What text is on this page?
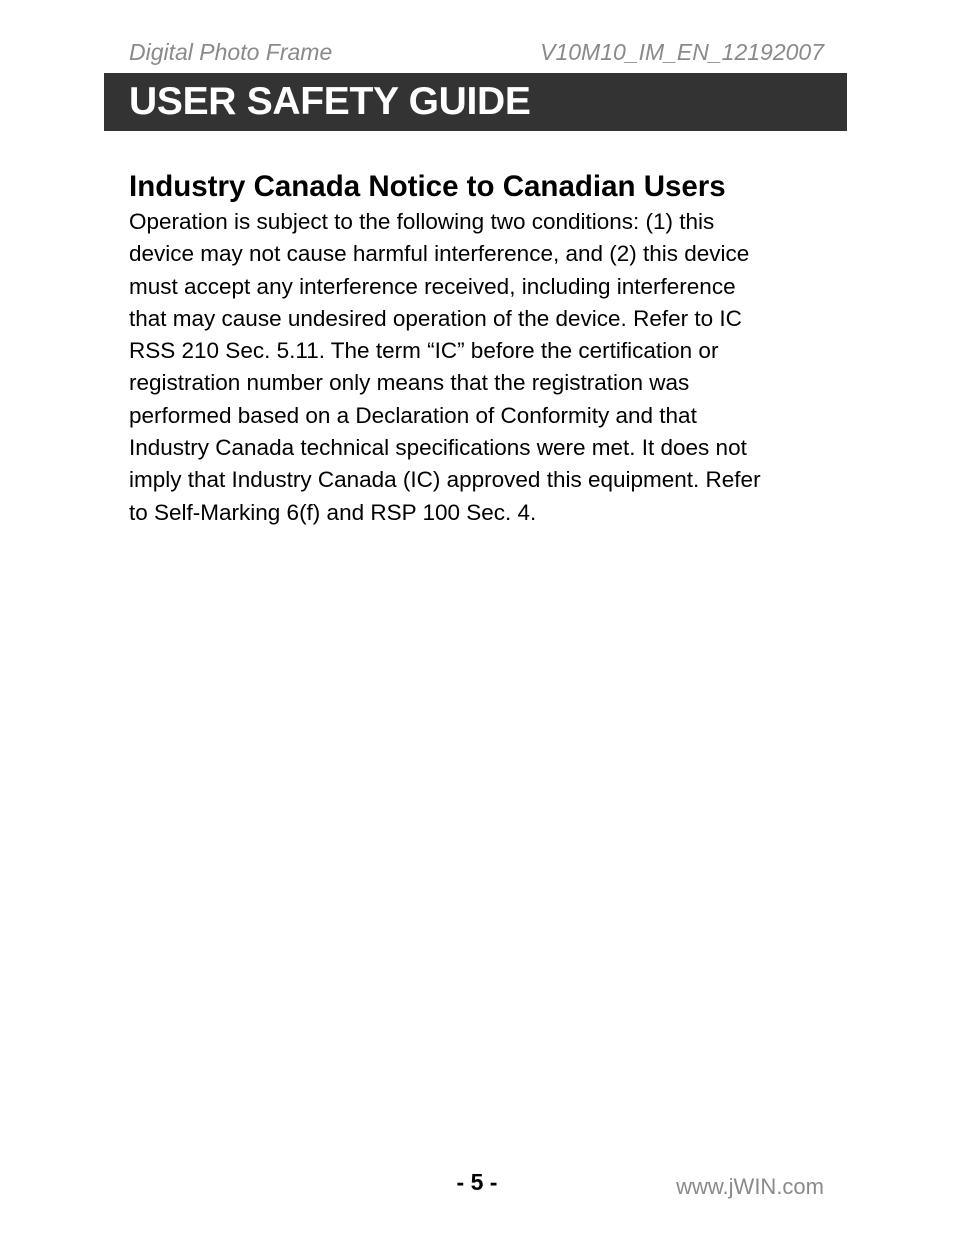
Digital Photo Frame	V10M10_IM_EN_12192007
USER SAFETY GUIDE
Industry Canada Notice to Canadian Users

Operation is subject to the following two conditions: (1) this
device may not cause harmful interference, and (2) this device
must accept any interference received, including interference
that may cause undesired operation of the device. Refer to IC
RSS 210 Sec. 5.11. The term “IC” before the certification or
registration number only means that the registration was
performed based on a Declaration of Conformity and that
Industry Canada technical specifications were met. It does not
imply that Industry Canada (IC) approved this equipment. Refer
to Self-Marking 6(f) and RSP 100 Sec. 4.

- 5 -	www.jWIN.com
